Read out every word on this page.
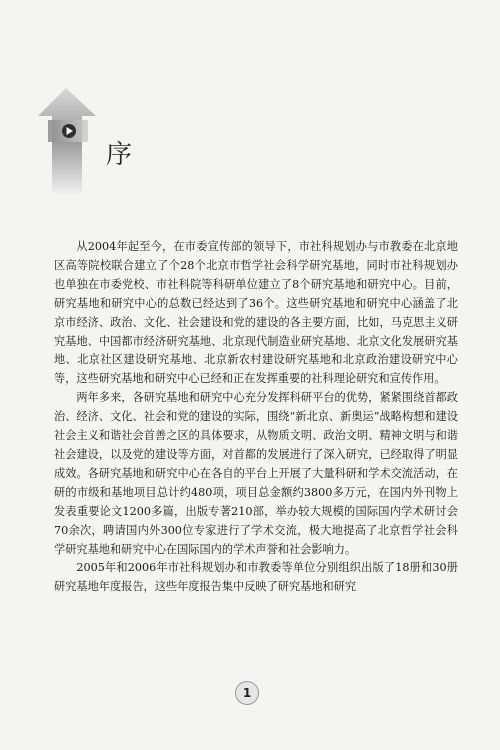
序

从2004年起至今，在市委宣传部的领导下，市社科规划办与市教委在北京地区高等院校联合建立了个28个北京市哲学社会科学研究基地，同时市社科规划办也单独在市委党校、市社科院等科研单位建立了8个研究基地和研究中心。目前，研究基地和研究中心的总数已经达到了36个。这些研究基地和研究中心涵盖了北京市经济、政治、文化、社会建设和党的建设的各主要方面，比如，马克思主义研究基地、中国都市经济研究基地、北京现代制造业研究基地、北京文化发展研究基地、北京社区建设研究基地、北京新农村建设研究基地和北京政治建设研究中心等，这些研究基地和研究中心已经和正在发挥重要的社科理论研究和宣传作用。

两年多来，各研究基地和研究中心充分发挥科研平台的优势，紧紧围绕首都政治、经济、文化、社会和党的建设的实际，围绕“新北京、新奥运”战略构想和建设社会主义和谐社会首善之区的具体要求，从物质文明、政治文明、精神文明与和谐社会建设，以及党的建设等方面，对首都的发展进行了深入研究，已经取得了明显成效。各研究基地和研究中心在各自的平台上开展了大量科研和学术交流活动，在研的市级和基地项目总计约480项，项目总金额约3800多万元，在国内外刊物上发表重要论文1200多篇，出版专著210部，举办较大规模的国际国内学术研讨会70余次，聘请国内外300位专家进行了学术交流，极大地提高了北京哲学社会科学研究基地和研究中心在国际国内的学术声誉和社会影响力。

2005年和2006年市社科规划办和市教委等单位分别组织出版了18册和30册研究基地年度报告，这些年度报告集中反映了研究基地和研究

1
